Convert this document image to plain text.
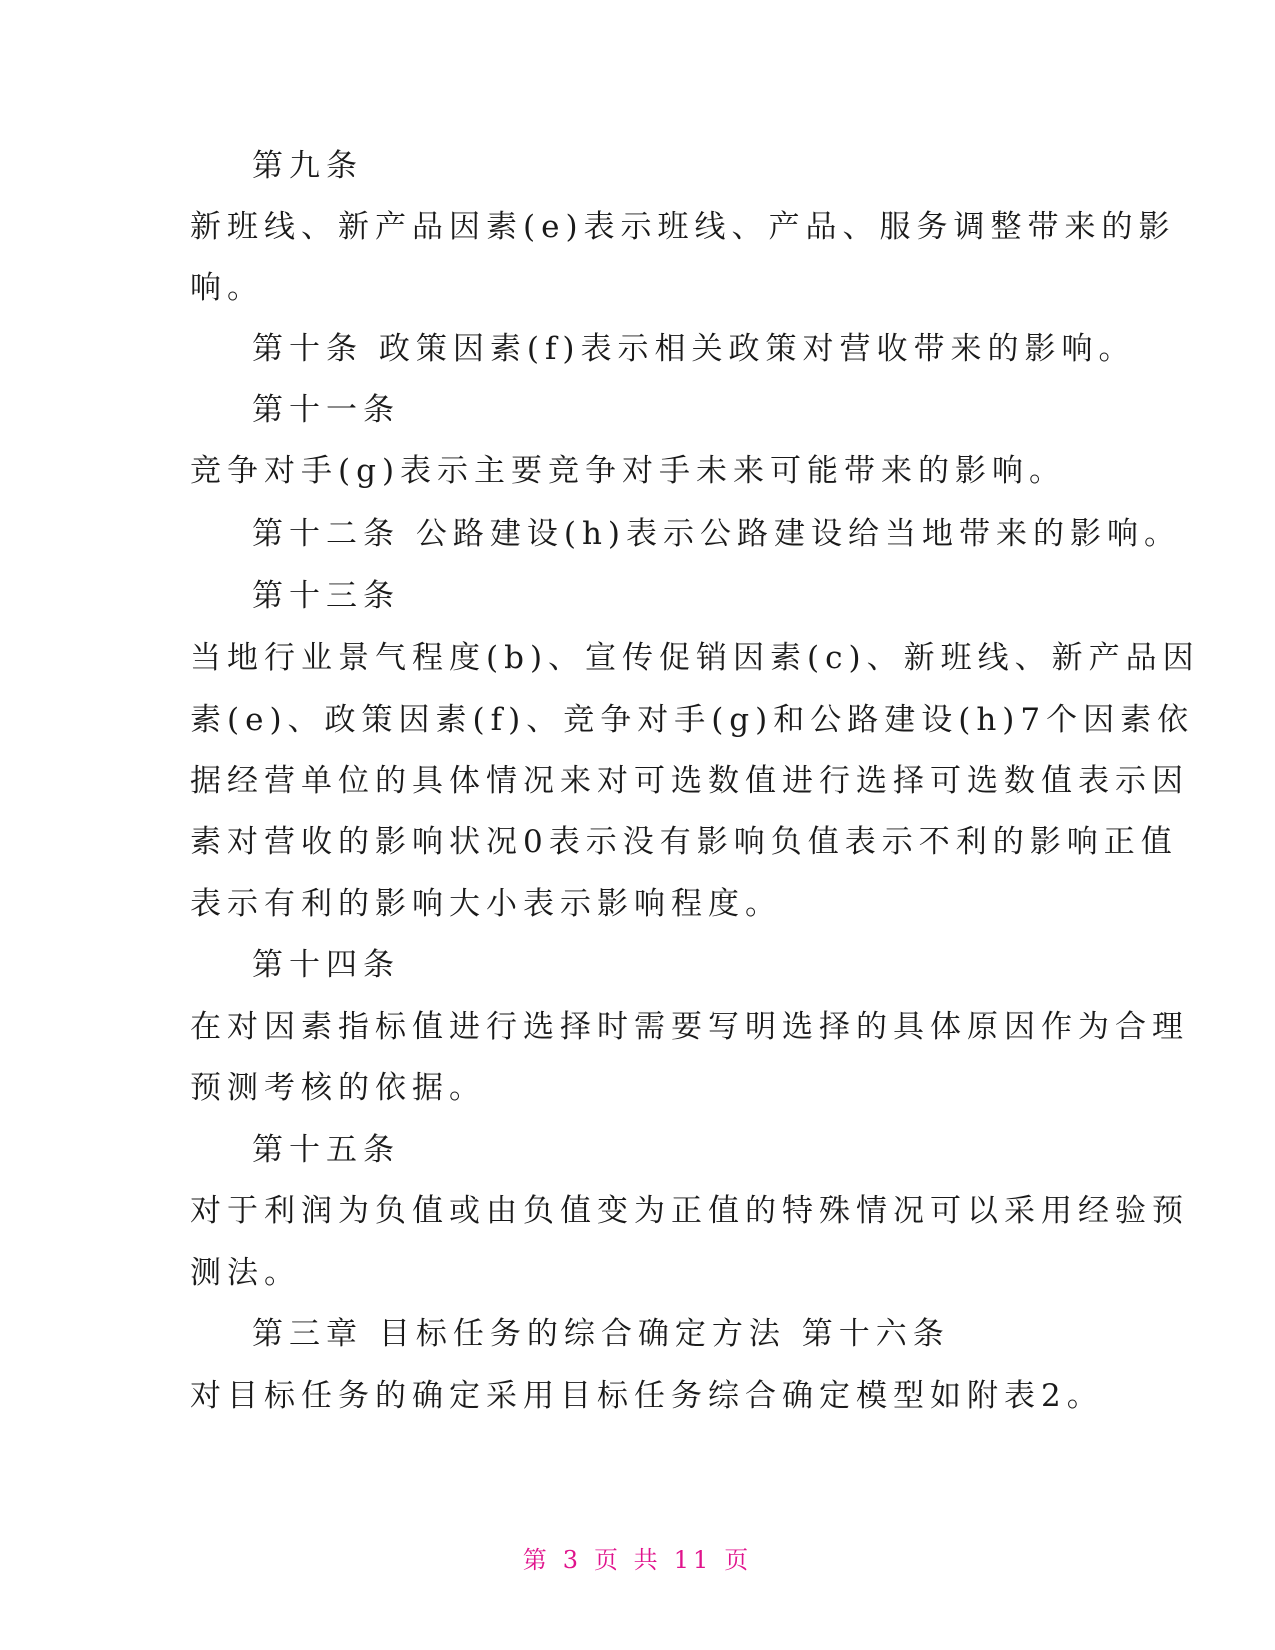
第九条
新班线、新产品因素(e)表示班线、产品、服务调整带来的影
响。
第十条 政策因素(f)表示相关政策对营收带来的影响。
第十一条
竞争对手(g)表示主要竞争对手未来可能带来的影响。
第十二条 公路建设(h)表示公路建设给当地带来的影响。
第十三条
当地行业景气程度(b)、宣传促销因素(c)、新班线、新产品因
素(e)、政策因素(f)、竞争对手(g)和公路建设(h)7个因素依
据经营单位的具体情况来对可选数值进行选择可选数值表示因
素对营收的影响状况0表示没有影响负值表示不利的影响正值
表示有利的影响大小表示影响程度。
第十四条
在对因素指标值进行选择时需要写明选择的具体原因作为合理
预测考核的依据。
第十五条
对于利润为负值或由负值变为正值的特殊情况可以采用经验预
测法。
第三章 目标任务的综合确定方法 第十六条
对目标任务的确定采用目标任务综合确定模型如附表2。
第 3 页 共 11 页
